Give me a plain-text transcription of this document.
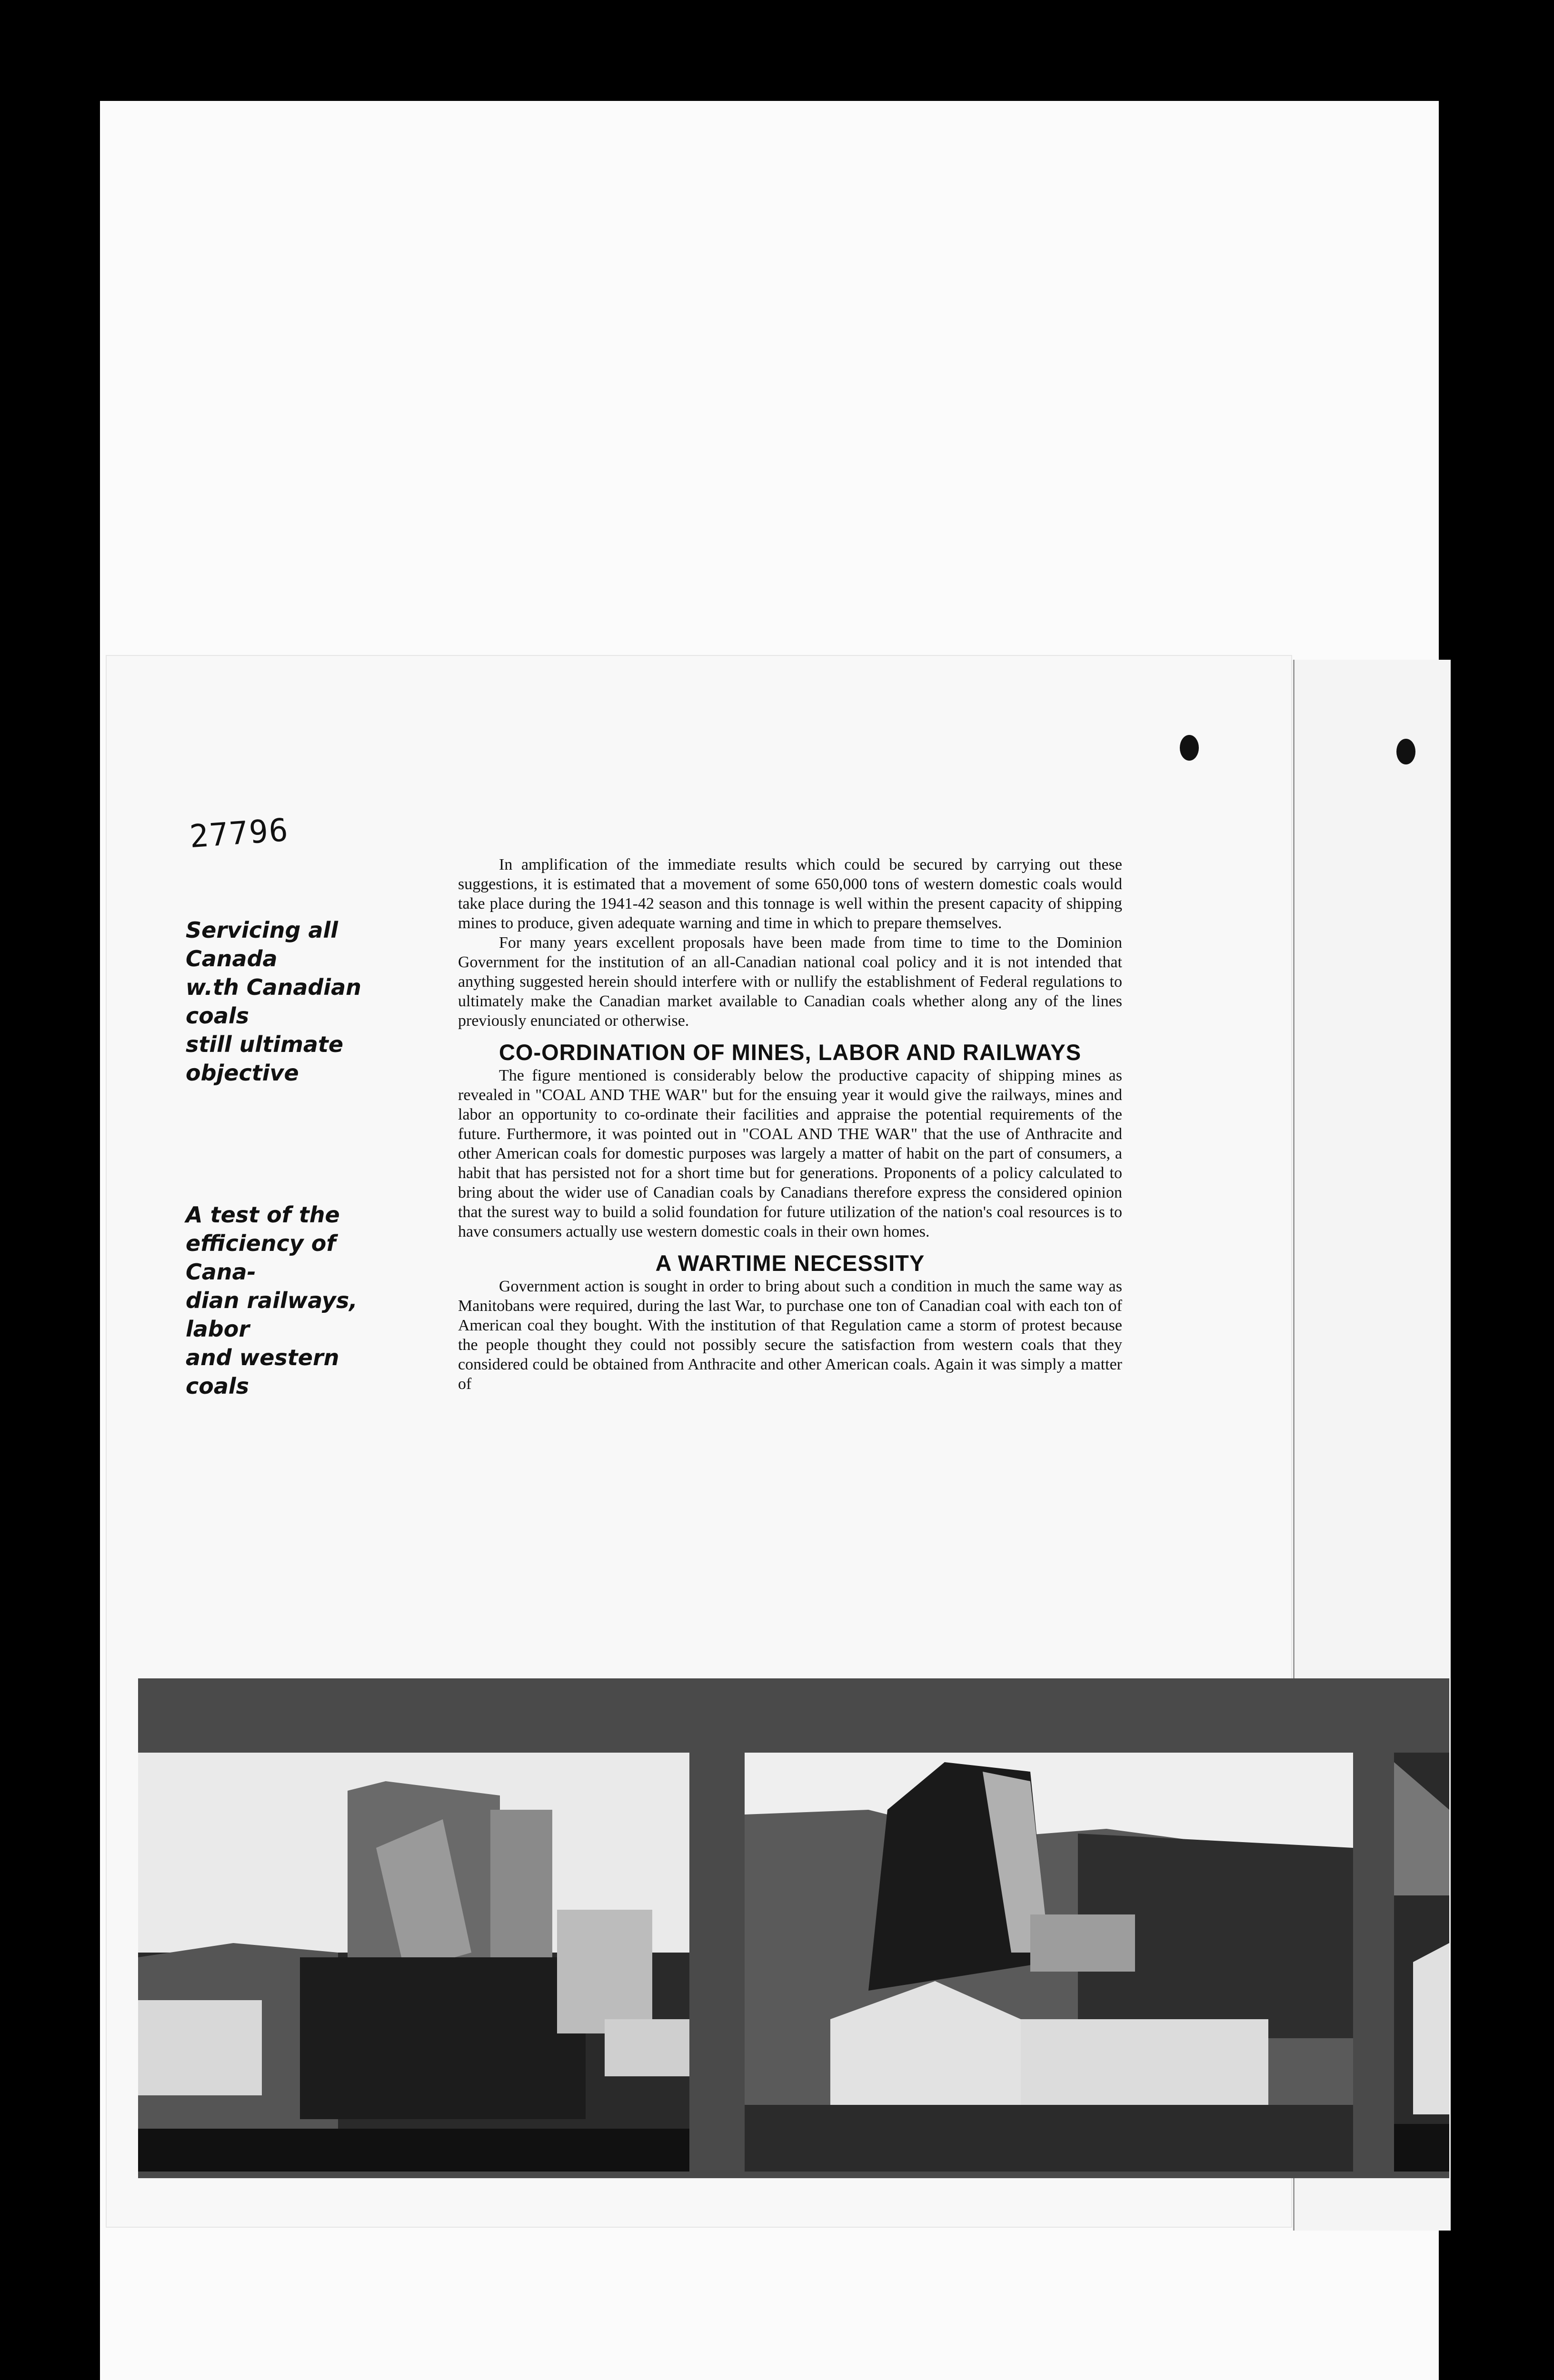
27796
Servicing all Canada
w.th Canadian coals
still ultimate
objective
A test of the
efficiency of Cana-
dian railways, labor
and western coals

In amplification of the immediate results which could be secured by carrying out these suggestions, it is estimated that a movement of some 650,000 tons of western domestic coals would take place during the 1941-42 season and this tonnage is well within the present capacity of shipping mines to produce, given adequate warning and time in which to prepare themselves.

For many years excellent proposals have been made from time to time to the Dominion Government for the institution of an all-Canadian national coal policy and it is not intended that anything suggested herein should interfere with or nullify the establishment of Federal regulations to ultimately make the Canadian market available to Canadian coals whether along any of the lines previously enunciated or otherwise.

CO-ORDINATION OF MINES, LABOR AND RAILWAYS

The figure mentioned is considerably below the productive capacity of shipping mines as revealed in "COAL AND THE WAR" but for the ensuing year it would give the railways, mines and labor an opportunity to co-ordinate their facilities and appraise the potential requirements of the future. Furthermore, it was pointed out in "COAL AND THE WAR" that the use of Anthracite and other American coals for domestic purposes was largely a matter of habit on the part of consumers, a habit that has persisted not for a short time but for generations. Proponents of a policy calculated to bring about the wider use of Canadian coals by Canadians therefore express the considered opinion that the surest way to build a solid foundation for future utilization of the nation's coal resources is to have consumers actually use western domestic coals in their own homes.

A WARTIME NECESSITY

Government action is sought in order to bring about such a condition in much the same way as Manitobans were required, during the last War, to purchase one ton of Canadian coal with each ton of American coal they bought. With the institution of that Regulation came a storm of protest because the people thought they could not possibly secure the satisfaction from western coals that they considered could be obtained from Anthracite and other American coals. Again it was simply a matter of
